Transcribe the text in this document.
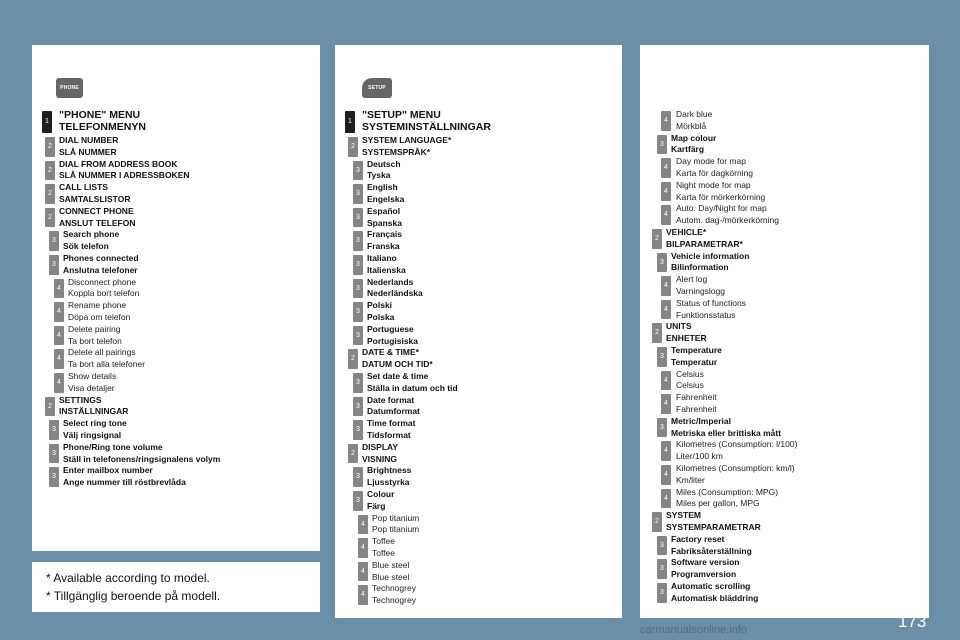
PHONE
1
"PHONE" MENU
TELEFONMENYN
2
DIAL NUMBER
SLÅ NUMMER
2
DIAL FROM ADDRESS BOOK
SLÅ NUMMER I ADRESSBOKEN
2
CALL LISTS
SAMTALSLISTOR
2
CONNECT PHONE
ANSLUT TELEFON
3
Search phone
Sök telefon
3
Phones connected
Anslutna telefoner
4
Disconnect phone
Koppla bort telefon
4
Rename phone
Döpa om telefon
4
Delete pairing
Ta bort telefon
4
Delete all pairings
Ta bort alla telefoner
4
Show details
Visa detaljer
2
SETTINGS
INSTÄLLNINGAR
3
Select ring tone
Välj ringsignal
3
Phone/Ring tone volume
Ställ in telefonens/ringsignalens volym
3
Enter mailbox number
Ange nummer till röstbrevlåda
SETUP
1
"SETUP" MENU
SYSTEMINSTÄLLNINGAR
2
SYSTEM LANGUAGE*
SYSTEMSPRÅK*
3
Deutsch
Tyska
3
English
Engelska
3
Español
Spanska
3
Français
Franska
3
Italiano
Italienska
3
Nederlands
Nederländska
3
Polski
Polska
3
Portuguese
Portugisiska
2
DATE & TIME*
DATUM OCH TID*
3
Set date & time
Ställa in datum och tid
3
Date format
Datumformat
3
Time format
Tidsformat
2
DISPLAY
VISNING
3
Brightness
Ljusstyrka
3
Colour
Färg
4
Pop titanium
Pop titanium
4
Toffee
Toffee
4
Blue steel
Blue steel
4
Technogrey
Technogrey
4
Dark blue
Mörkblå
3
Map colour
Kartfärg
4
Day mode for map
Karta för dagkörning
4
Night mode for map
Karta för mörkerkörning
4
Auto. Day/Night for map
Autom. dag-/mörkerkörning
2
VEHICLE*
BILPARAMETRAR*
3
Vehicle information
Bilinformation
4
Alert log
Varningslogg
4
Status of functions
Funktionsstatus
2
UNITS
ENHETER
3
Temperature
Temperatur
4
Celsius
Celsius
4
Fahrenheit
Fahrenheit
3
Metric/Imperial
Metriska eller brittiska mått
4
Kilometres (Consumption: l/100)
Liter/100 km
4
Kilometres (Consumption: km/l)
Km/liter
4
Miles (Consumption: MPG)
Miles per gallon, MPG
2
SYSTEM
SYSTEMPARAMETRAR
3
Factory reset
Fabriksåterställning
3
Software version
Programversion
3
Automatic scrolling
Automatisk bläddring
* Available according to model.
* Tillgänglig beroende på modell.
173
carmanualsonline.info
